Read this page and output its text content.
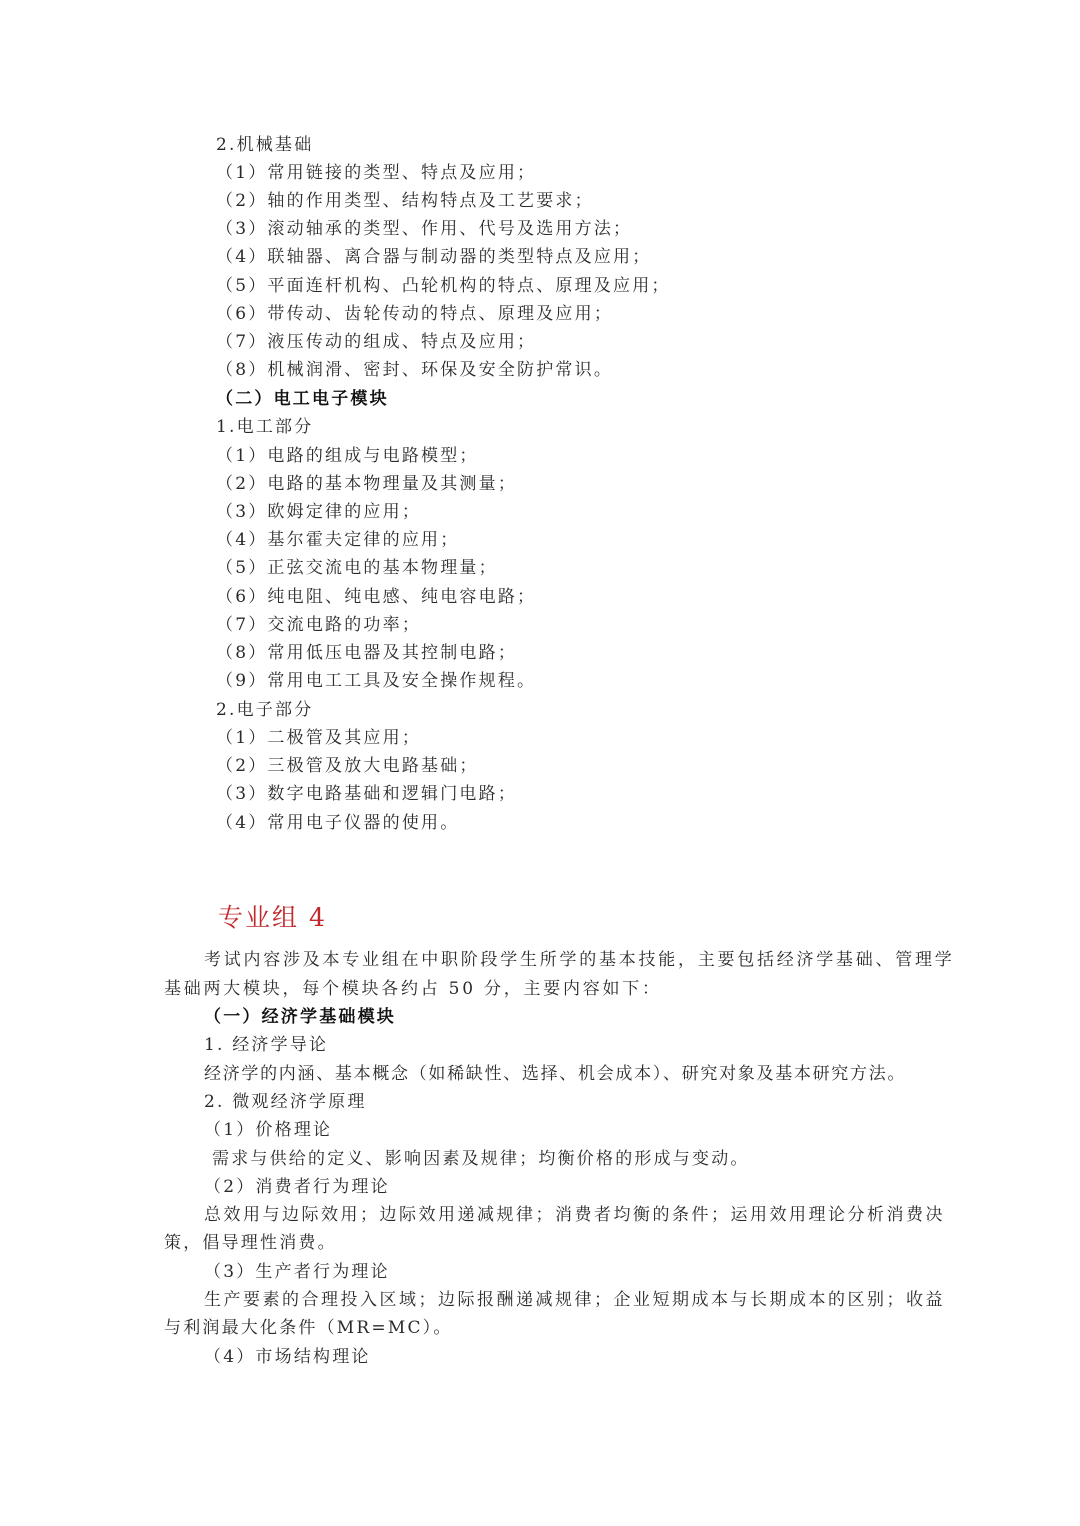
2.机械基础
（1）常用链接的类型、特点及应用；
（2）轴的作用类型、结构特点及工艺要求；
（3）滚动轴承的类型、作用、代号及选用方法；
（4）联轴器、离合器与制动器的类型特点及应用；
（5）平面连杆机构、凸轮机构的特点、原理及应用；
（6）带传动、齿轮传动的特点、原理及应用；
（7）液压传动的组成、特点及应用；
（8）机械润滑、密封、环保及安全防护常识。
（二）电工电子模块
1.电工部分
（1）电路的组成与电路模型；
（2）电路的基本物理量及其测量；
（3）欧姆定律的应用；
（4）基尔霍夫定律的应用；
（5）正弦交流电的基本物理量；
（6）纯电阻、纯电感、纯电容电路；
（7）交流电路的功率；
（8）常用低压电器及其控制电路；
（9）常用电工工具及安全操作规程。
2.电子部分
（1）二极管及其应用；
（2）三极管及放大电路基础；
（3）数字电路基础和逻辑门电路；
（4）常用电子仪器的使用。
专业组 4
考试内容涉及本专业组在中职阶段学生所学的基本技能，主要包括经济学基础、管理学
基础两大模块，每个模块各约占 50 分，主要内容如下：
（一）经济学基础模块
1. 经济学导论
经济学的内涵、基本概念（如稀缺性、选择、机会成本）、研究对象及基本研究方法。
2. 微观经济学原理
（1）价格理论
需求与供给的定义、影响因素及规律；均衡价格的形成与变动。
（2）消费者行为理论
总效用与边际效用；边际效用递减规律；消费者均衡的条件；运用效用理论分析消费决
策，倡导理性消费。
（3）生产者行为理论
生产要素的合理投入区域；边际报酬递减规律；企业短期成本与长期成本的区别；收益
与利润最大化条件（MR=MC）。
（4）市场结构理论
